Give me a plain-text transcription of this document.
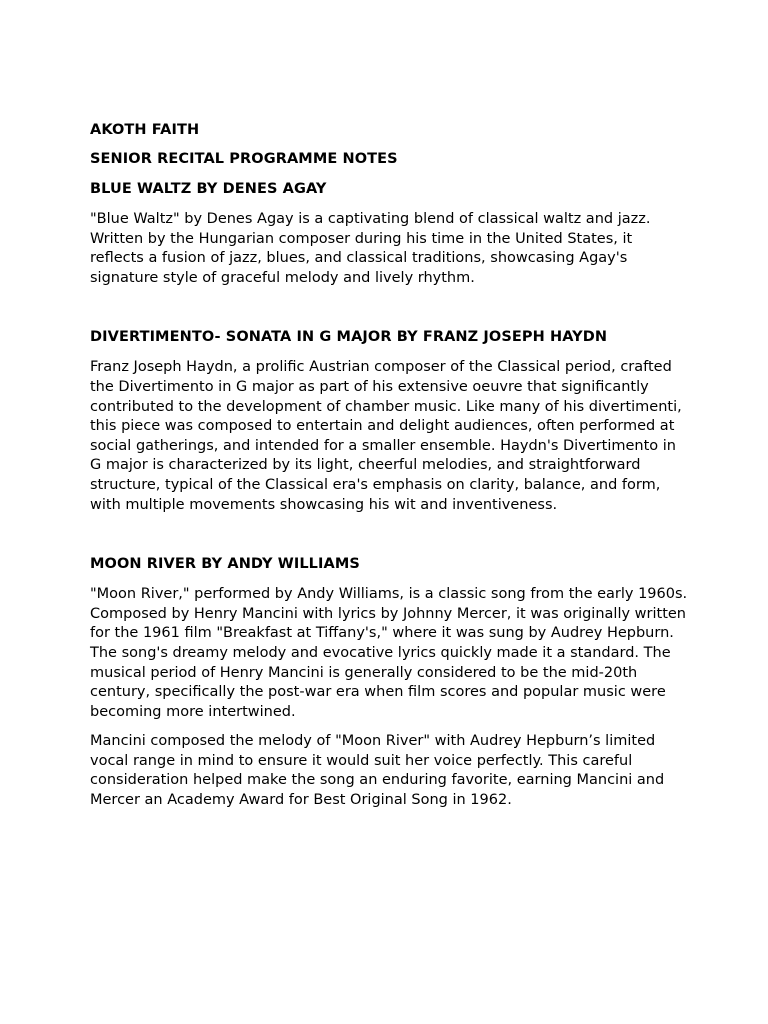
AKOTH FAITH
SENIOR RECITAL PROGRAMME NOTES
BLUE WALTZ BY DENES AGAY

"Blue Waltz" by Denes Agay is a captivating blend of classical waltz and jazz. Written by the Hungarian composer during his time in the United States, it reflects a fusion of jazz, blues, and classical traditions, showcasing Agay's signature style of graceful melody and lively rhythm.

DIVERTIMENTO- SONATA IN G MAJOR BY FRANZ JOSEPH HAYDN

Franz Joseph Haydn, a prolific Austrian composer of the Classical period, crafted the Divertimento in G major as part of his extensive oeuvre that significantly contributed to the development of chamber music. Like many of his divertimenti, this piece was composed to entertain and delight audiences, often performed at social gatherings, and intended for a smaller ensemble. Haydn's Divertimento in G major is characterized by its light, cheerful melodies, and straightforward structure, typical of the Classical era's emphasis on clarity, balance, and form, with multiple movements showcasing his wit and inventiveness.

MOON RIVER BY ANDY WILLIAMS

"Moon River," performed by Andy Williams, is a classic song from the early 1960s. Composed by Henry Mancini with lyrics by Johnny Mercer, it was originally written for the 1961 film "Breakfast at Tiffany's," where it was sung by Audrey Hepburn. The song's dreamy melody and evocative lyrics quickly made it a standard. The musical period of Henry Mancini is generally considered to be the mid-20th century, specifically the post-war era when film scores and popular music were becoming more intertwined.

Mancini composed the melody of "Moon River" with Audrey Hepburn’s limited vocal range in mind to ensure it would suit her voice perfectly. This careful consideration helped make the song an enduring favorite, earning Mancini and Mercer an Academy Award for Best Original Song in 1962.
